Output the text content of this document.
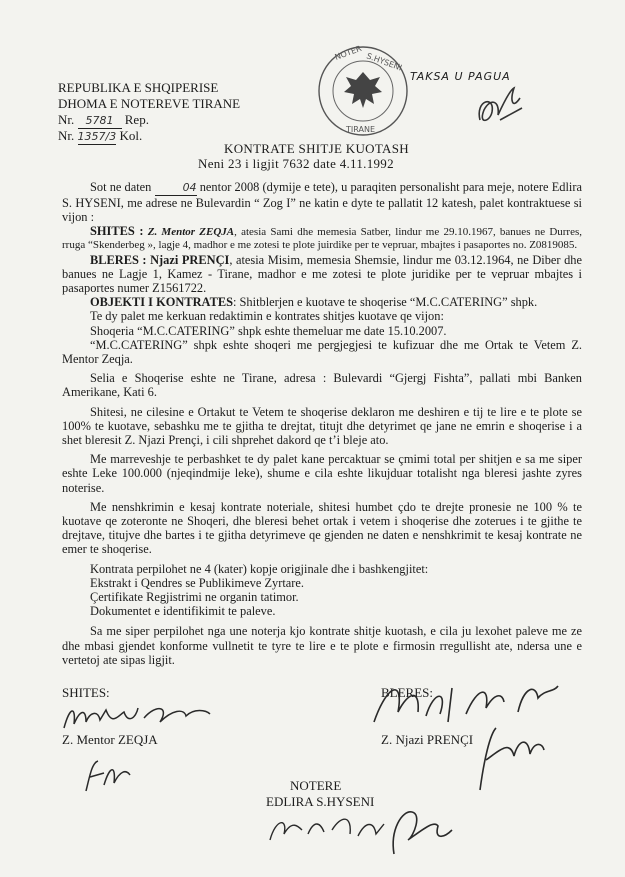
REPUBLIKA E SHQIPERISE
DHOMA E NOTEREVE TIRANE
Nr. 5781 Rep.
Nr. 1357/3 Kol.
NOTER S.HYSENI
TIRANE
TAKSA U PAGUA
KONTRATE SHITJE KUOTASH
Neni 23 i ligjit 7632 date 4.11.1992

Sot ne daten	04 nentor 2008 (dymije e tete), u paraqiten personalisht para meje, notere Edlira S. HYSENI, me adrese ne Bulevardin “ Zog I” ne katin e dyte te pallatit 12 katesh, palet kontraktuese si vijon :

SHITES : Z. Mentor ZEQJA, atesia Sami dhe memesia Satber, lindur me 29.10.1967, banues ne Durres, rruga “Skenderbeg », lagje 4, madhor e me zotesi te plote juirdike per te vepruar, mbajtes i pasaportes no. Z0819085.

BLERES : Njazi PRENÇI, atesia Misim, memesia Shemsie, lindur me 03.12.1964, ne Diber dhe banues ne Lagje 1, Kamez - Tirane, madhor e me zotesi te plote juridike per te vepruar mbajtes i pasaportes numer Z1561722.

OBJEKTI I KONTRATES: Shitblerjen e kuotave te shoqerise “M.C.CATERING” shpk.

Te dy palet me kerkuan redaktimin e kontrates shitjes kuotave qe vijon:

Shoqeria “M.C.CATERING” shpk eshte themeluar me date 15.10.2007.

“M.C.CATERING” shpk eshte shoqeri me pergjegjesi te kufizuar dhe me Ortak te Vetem Z. Mentor Zeqja.

Selia e Shoqerise eshte ne Tirane, adresa : Bulevardi “Gjergj Fishta”, pallati mbi Banken Amerikane, Kati 6.

Shitesi, ne cilesine e Ortakut te Vetem te shoqerise deklaron me deshiren e tij te lire e te plote se 100% te kuotave, sebashku me te gjitha te drejtat, titujt dhe detyrimet qe jane ne emrin e shoqerise i a shet bleresit Z. Njazi Prençi, i cili shprehet dakord qe t’i bleje ato.

Me marreveshje te perbashket te dy palet kane percaktuar se çmimi total per shitjen e sa me siper eshte Leke 100.000 (njeqindmije leke), shume e cila eshte likujduar totalisht nga bleresi jashte zyres noterise.

Me nenshkrimin e kesaj kontrate noteriale, shitesi humbet çdo te drejte pronesie ne 100 % te kuotave qe zoteronte ne Shoqeri, dhe bleresi behet ortak i vetem i shoqerise dhe zoterues i te gjithe te drejtave, titujve dhe bartes i te gjitha detyrimeve qe gjenden ne daten e nenshkrimit te kesaj kontrate ne emer te shoqerise.

Kontrata perpilohet ne 4 (kater) kopje origjinale dhe i bashkengjitet:

Ekstrakt i Qendres se Publikimeve Zyrtare.

Çertifikate Regjistrimi ne organin tatimor.

Dokumentet e identifikimit te paleve.

Sa me siper perpilohet nga une noterja kjo kontrate shitje kuotash, e cila ju lexohet paleve me ze dhe mbasi gjendet konforme vullnetit te tyre te lire e te plote e firmosin rregullisht ate, ndersa une e vertetoj ate sipas ligjit.

SHITES:	BLERES:
Z. Mentor ZEQJA	Z. Njazi PRENÇI
NOTERE
EDLIRA S.HYSENI
